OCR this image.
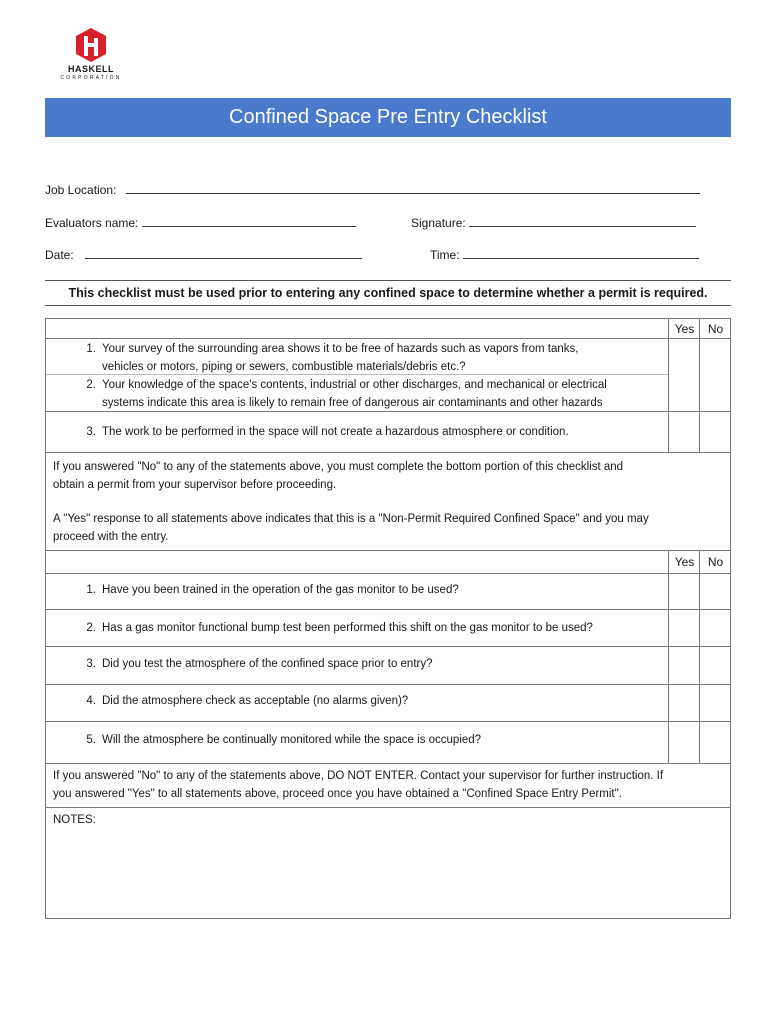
HASKELL
CORPORATION
Confined Space Pre Entry Checklist
Job Location:
Evaluators name:	Signature:
Date:	Time:
This checklist must be used prior to entering any confined space to determine whether a permit is required.
Yes	No
1. Your survey of the surrounding area shows it to be free of hazards such as vapors from tanks,
vehicles or motors, piping or sewers, combustible materials/debris etc.?
2. Your knowledge of the space's contents, industrial or other discharges, and mechanical or electrical
systems indicate this area is likely to remain free of dangerous air contaminants and other hazards
3. The work to be performed in the space will not create a hazardous atmosphere or condition.
If you answered "No" to any of the statements above, you must complete the bottom portion of this checklist and
obtain a permit from your supervisor before proceeding.
A "Yes" response to all statements above indicates that this is a "Non-Permit Required Confined Space" and you may
proceed with the entry.
Yes	No
1. Have you been trained in the operation of the gas monitor to be used?
2. Has a gas monitor functional bump test been performed this shift on the gas monitor to be used?
3. Did you test the atmosphere of the confined space prior to entry?
4. Did the atmosphere check as acceptable (no alarms given)?
5. Will the atmosphere be continually monitored while the space is occupied?
If you answered "No" to any of the statements above, DO NOT ENTER. Contact your supervisor for further instruction. If
you answered "Yes" to all statements above, proceed once you have obtained a "Confined Space Entry Permit".
NOTES:
